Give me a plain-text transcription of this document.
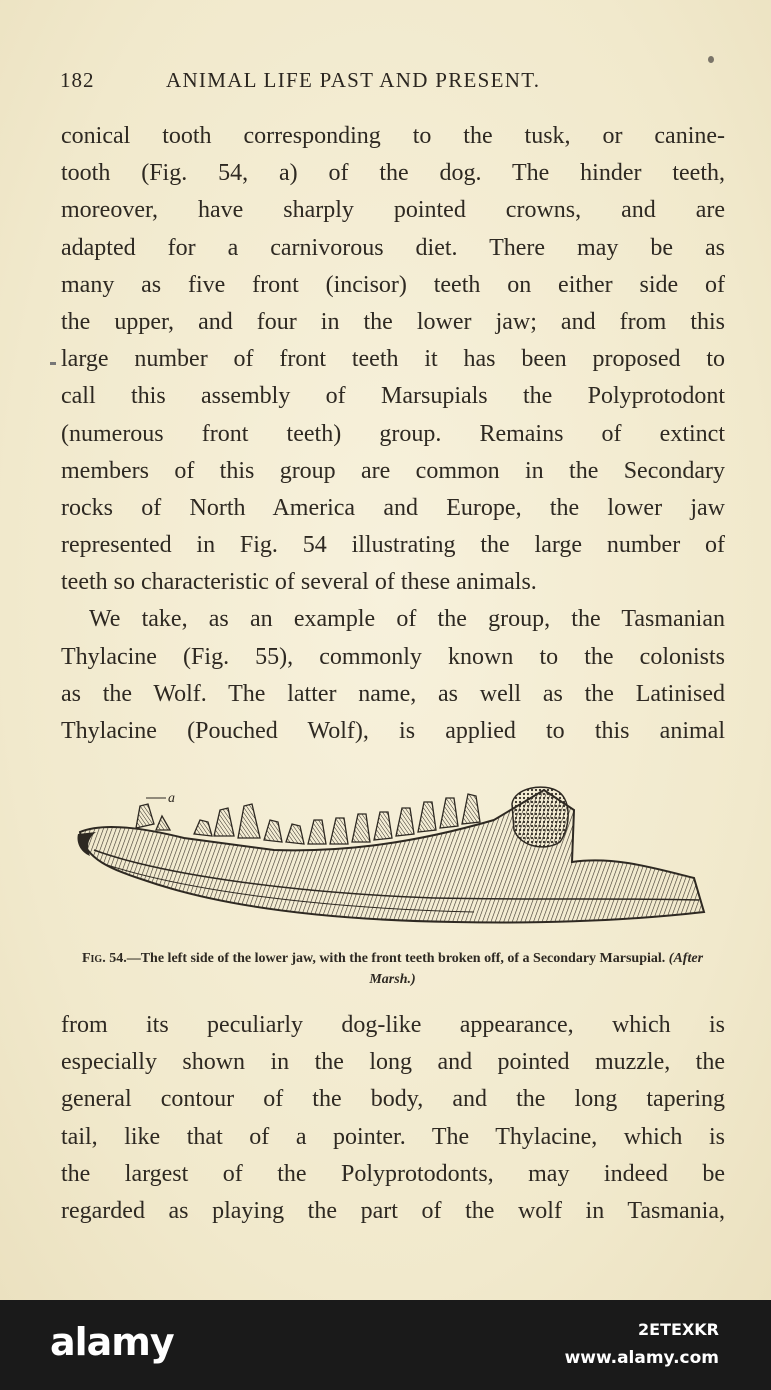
182	ANIMAL LIFE PAST AND PRESENT.
conical tooth corresponding to the tusk, or canine-
tooth (Fig. 54, a) of the dog. The hinder teeth,
moreover, have sharply pointed crowns, and are
adapted for a carnivorous diet. There may be as
many as five front (incisor) teeth on either side of
the upper, and four in the lower jaw; and from this
large number of front teeth it has been proposed to
call this assembly of Marsupials the Polyprotodont
(numerous front teeth) group. Remains of extinct
members of this group are common in the Secondary
rocks of North America and Europe, the lower jaw
represented in Fig. 54 illustrating the large number of
teeth so characteristic of several of these animals.
We take, as an example of the group, the Tasmanian
Thylacine (Fig. 55), commonly known to the colonists
as the Wolf. The latter name, as well as the Latinised
Thylacine (Pouched Wolf), is applied to this animal
a
Fig. 54.—The left side of the lower jaw, with the front teeth broken off, of a Secondary Marsupial. (After Marsh.)
from its peculiarly dog-like appearance, which is
especially shown in the long and pointed muzzle, the
general contour of the body, and the long tapering
tail, like that of a pointer. The Thylacine, which is
the largest of the Polyprotodonts, may indeed be
regarded as playing the part of the wolf in Tasmania,
alamy	2ETEXKR
www.alamy.com
